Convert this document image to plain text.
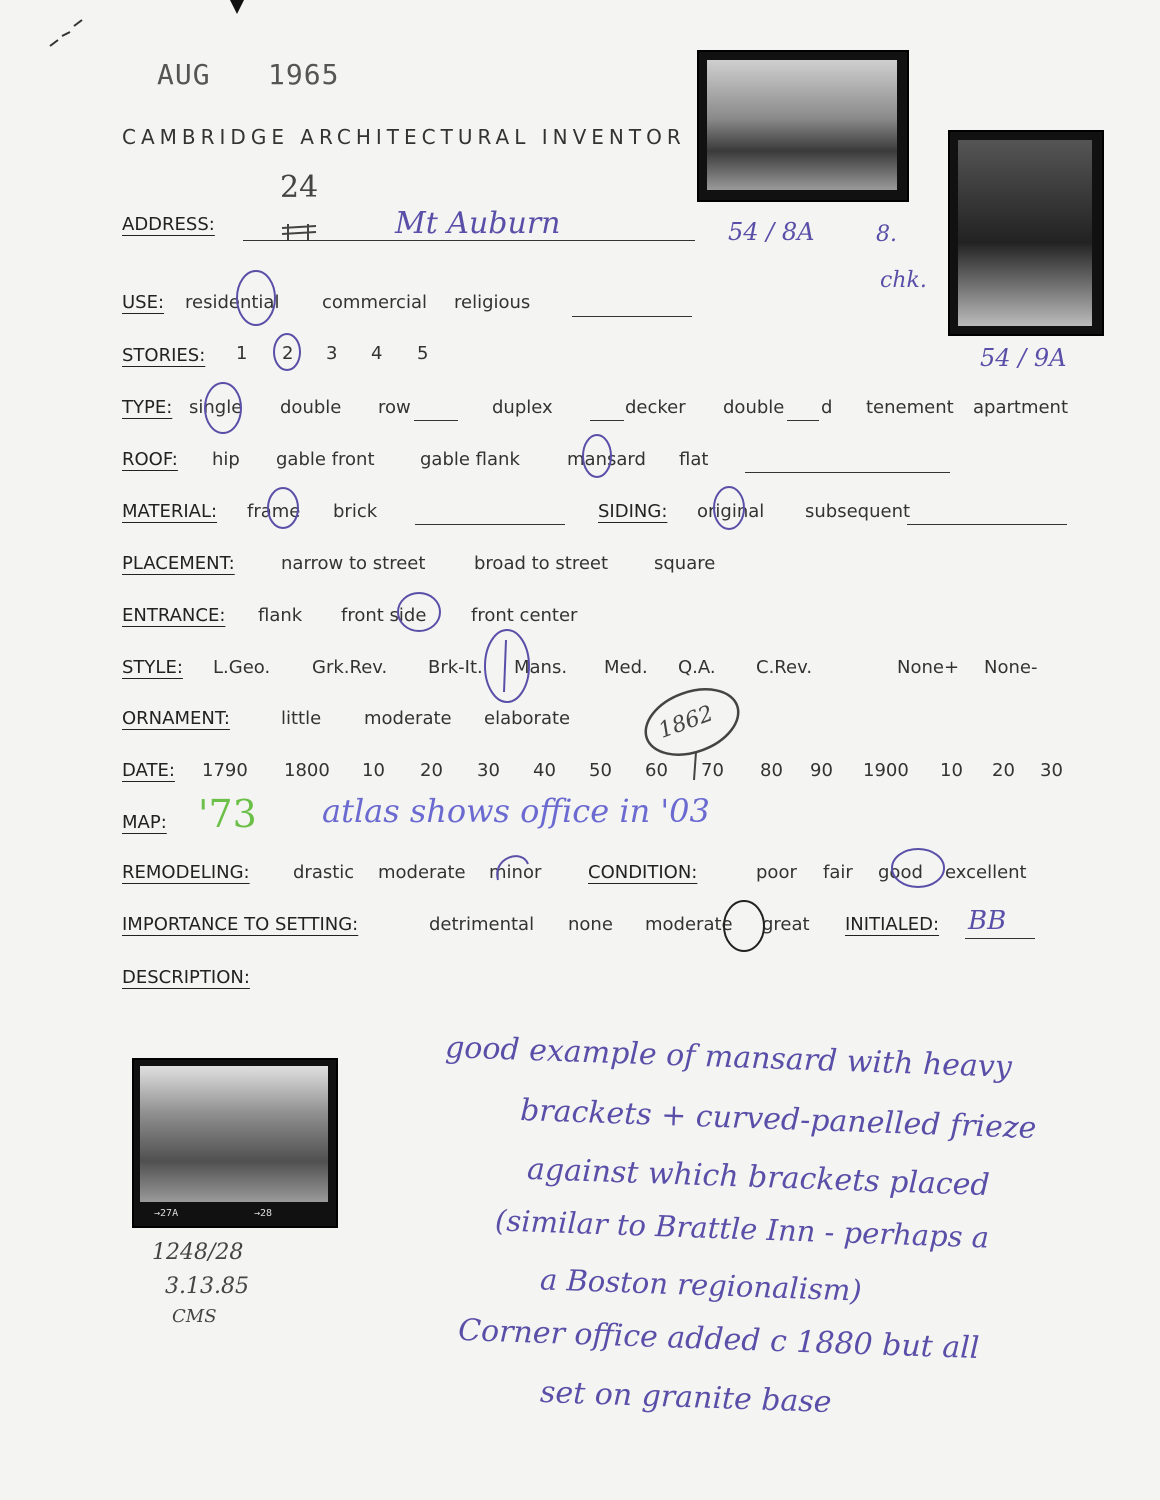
AUG 1965
CAMBRIDGE ARCHITECTURAL INVENTOR
→27A	→28
54 / 8A	8.
chk.
54 / 9A
ADDRESS:
24
Mt Auburn
USE: residential commercial religious
STORIES: 1 2 3 4 5
TYPE: single double row	duplex	decker double d tenement apartment
ROOF: hip gable front	gable flank	mansard flat
MATERIAL: frame brick	SIDING: original subsequent
PLACEMENT:	narrow to street	broad to street	square
ENTRANCE: flank front side front center
STYLE: L.Geo. Grk.Rev. Brk-It. Mans. Med. Q.A. C.Rev.	None+ None-
ORNAMENT:	little moderate elaborate
DATE: 1790 1800 10 20 30 40 50 60 70 80 90 1900 10 20 30
1862
MAP: '73 atlas shows office in '03
REMODELING: drastic moderate minor	CONDITION:	poor fair good excellent
IMPORTANCE TO SETTING:	detrimental none moderate great INITIALED: BB
DESCRIPTION:
good example of mansard with heavy
brackets + curved-panelled frieze
against which brackets placed
(similar to Brattle Inn - perhaps a
a Boston regionalism)
Corner office added c 1880 but all
set on granite base
1248/28
3.13.85
CMS
